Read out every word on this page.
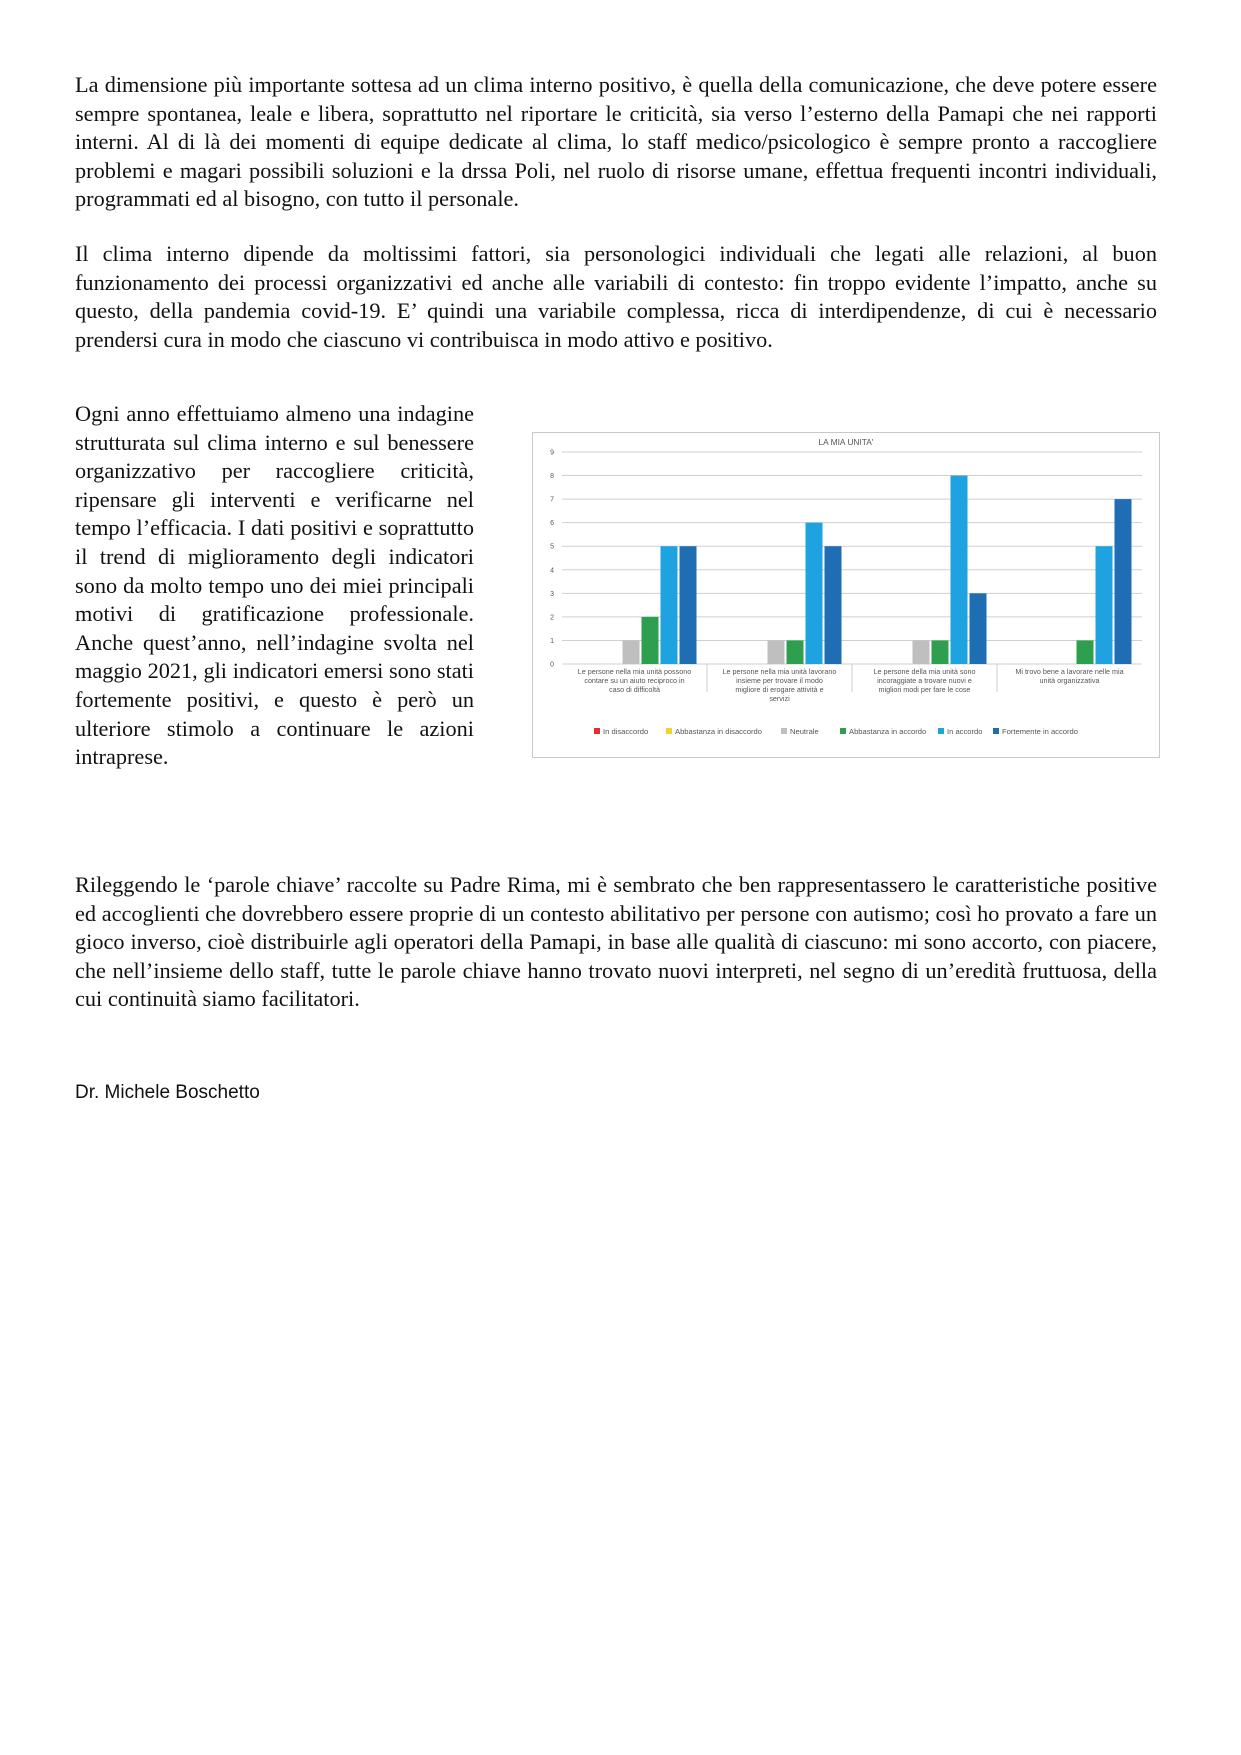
La dimensione più importante sottesa ad un clima interno positivo, è quella della comunicazione, che deve potere essere sempre spontanea, leale e libera, soprattutto nel riportare le criticità, sia verso l’esterno della Pamapi che nei rapporti interni. Al di là dei momenti di equipe dedicate al clima, lo staff medico/psicologico è sempre pronto a raccogliere problemi e magari possibili soluzioni e la drssa Poli, nel ruolo di risorse umane, effettua frequenti incontri individuali, programmati ed al bisogno, con tutto il personale.

Il clima interno dipende da moltissimi fattori, sia personologici individuali che legati alle relazioni, al buon funzionamento dei processi organizzativi ed anche alle variabili di contesto: fin troppo evidente l’impatto, anche su questo, della pandemia covid-19. E’ quindi una variabile complessa, ricca di interdipendenze, di cui è necessario prendersi cura in modo che ciascuno vi contribuisca in modo attivo e positivo.

Ogni anno effettuiamo almeno una indagine strutturata sul clima interno e sul benessere organizzativo per raccogliere criticità, ripensare gli interventi e verificarne nel tempo l’efficacia. I dati positivi e soprattutto il trend di miglioramento degli indicatori sono da molto tempo uno dei miei principali motivi di gratificazione professionale. Anche quest’anno, nell’indagine svolta nel maggio 2021, gli indicatori emersi sono stati fortemente positivi, e questo è però un ulteriore stimolo a continuare le azioni intraprese.

LA MIA UNITA'
0
1
2
3
4
5
6
7
8
9
Le persone nella mia unità possono
contare su un aiuto reciproco in
caso di difficoltà
Le persone nella mia unità lavorano
insieme per trovare il modo
migliore di erogare attività e
servizi
Le persone della mia unità sono
incoraggiate a trovare nuovi e
migliori modi per fare le cose
Mi trovo bene a lavorare nelle mia
unità organizzativa
In disaccordo	Abbastanza in disaccordo	Neutrale	Abbastanza in accordo	In accordo	Fortemente in accordo

Rileggendo le ‘parole chiave’ raccolte su Padre Rima, mi è sembrato che ben rappresentassero le caratteristiche positive ed accoglienti che dovrebbero essere proprie di un contesto abilitativo per persone con autismo; così ho provato a fare un gioco inverso, cioè distribuirle agli operatori della Pamapi, in base alle qualità di ciascuno: mi sono accorto, con piacere, che nell’insieme dello staff, tutte le parole chiave hanno trovato nuovi interpreti, nel segno di un’eredità fruttuosa, della cui continuità siamo facilitatori.

Dr. Michele Boschetto
